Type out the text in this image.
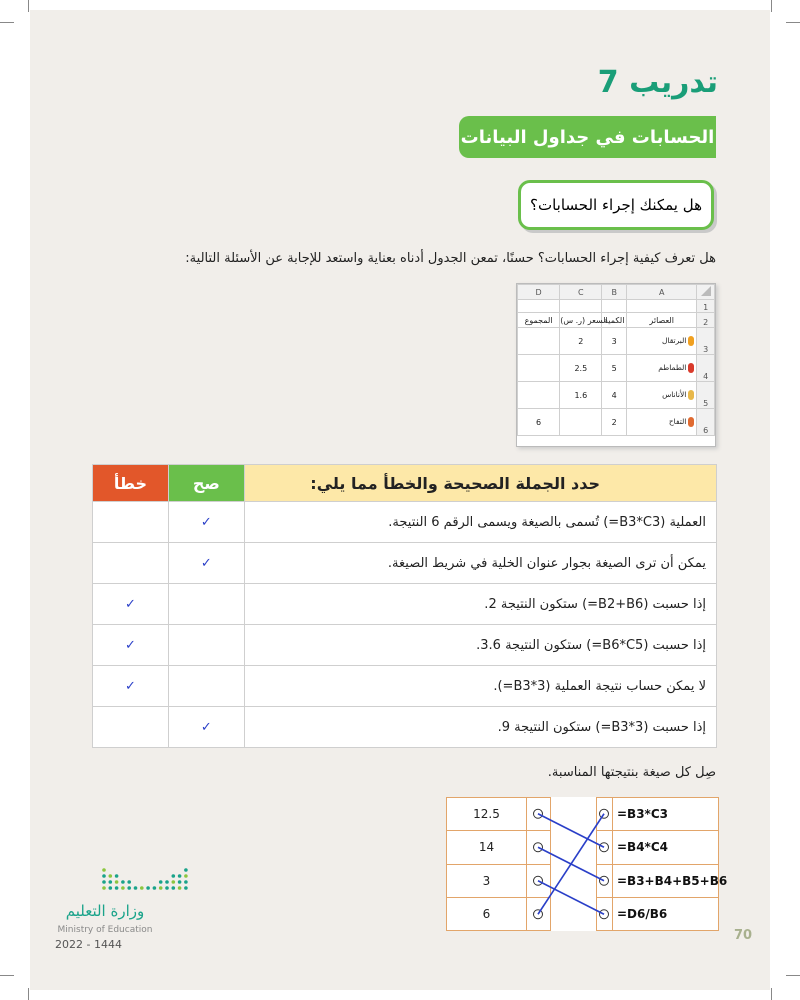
تدريب 7
الحسابات في جداول البيانات
هل يمكنك إجراء الحسابات؟
هل تعرف كيفية إجراء الحسابات؟ حسنًا، تمعن الجدول أدناه بعناية واستعد للإجابة عن الأسئلة التالية:
D	C	B	A	
				1
المجموع	السعر (ر. س)	الكمية	العصائر	2
	2	3	البرتقال	3
	2.5	5	الطماطم	4
	1.6	4	الأناناس	5
6		2	التفاح	6
حدد الجملة الصحيحة والخطأ مما يلي:	صح	خطأ
العملية (B3*C3=) تُسمى بالصيغة ويسمى الرقم 6 النتيجة.	✓	
يمكن أن ترى الصيغة بجوار عنوان الخلية في شريط الصيغة.	✓	
إذا حسبت (B2+B6=) ستكون النتيجة 2.		✓
إذا حسبت (B6*C5=) ستكون النتيجة 3.6.		✓
لا يمكن حساب نتيجة العملية (B3*3=).		✓
إذا حسبت (B3*3=) ستكون النتيجة 9.	✓	
صِل كل صيغة بنتيجتها المناسبة.
12.5				=B3*C3
14				=B4*C4
3				=B3+B4+B5+B6
6				=D6/B6
وزارة التعليم
Ministry of Education
2022 - 1444
70
